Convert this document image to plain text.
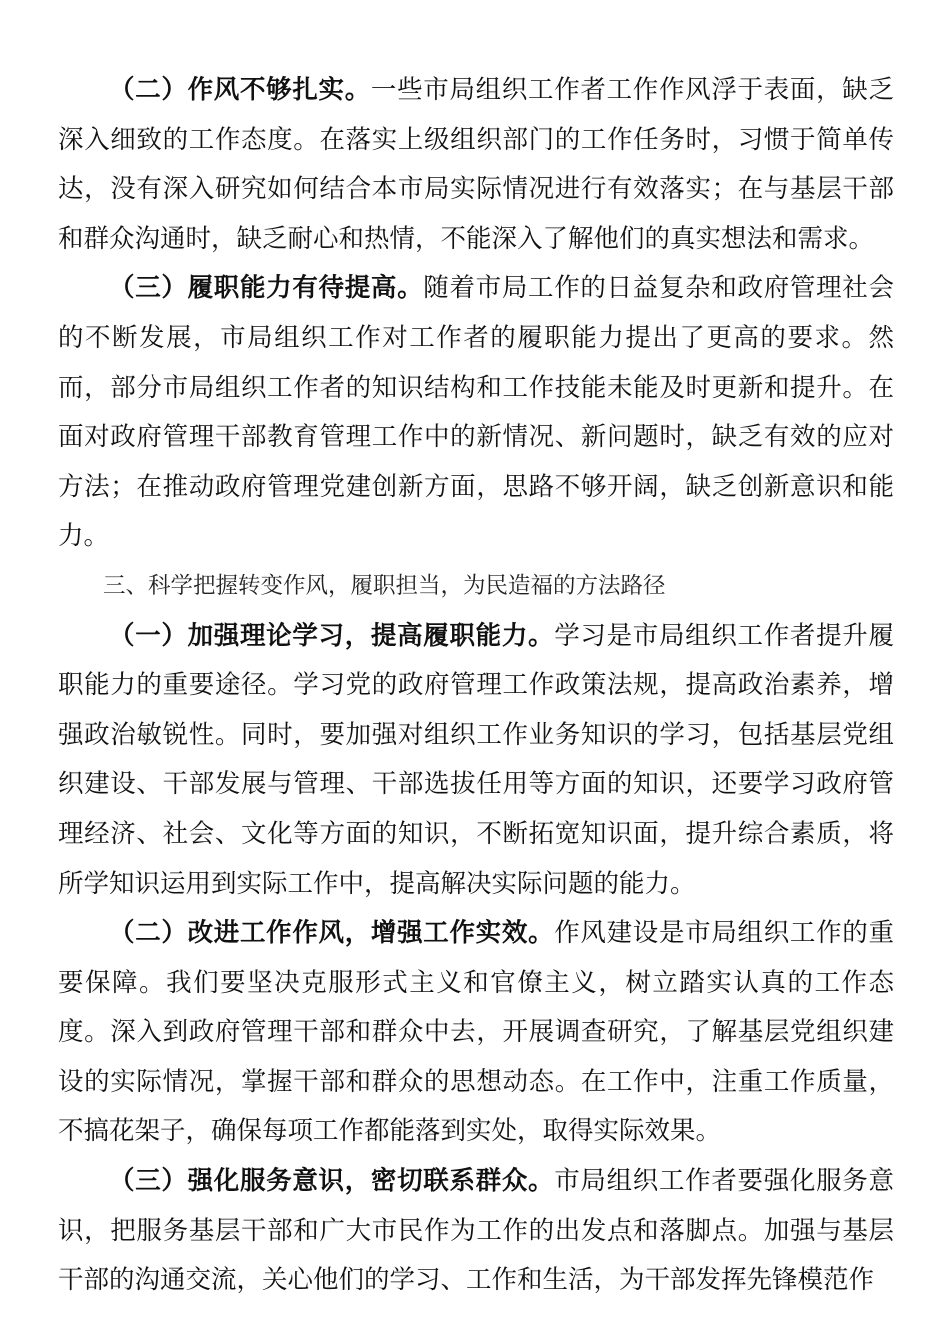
（二）作风不够扎实。一些市局组织工作者工作作风浮于表面，缺乏深入细致的工作态度。在落实上级组织部门的工作任务时，习惯于简单传达，没有深入研究如何结合本市局实际情况进行有效落实；在与基层干部和群众沟通时，缺乏耐心和热情，不能深入了解他们的真实想法和需求。

（三）履职能力有待提高。随着市局工作的日益复杂和政府管理社会的不断发展，市局组织工作对工作者的履职能力提出了更高的要求。然而，部分市局组织工作者的知识结构和工作技能未能及时更新和提升。在面对政府管理干部教育管理工作中的新情况、新问题时，缺乏有效的应对方法；在推动政府管理党建创新方面，思路不够开阔，缺乏创新意识和能力。

三、科学把握转变作风，履职担当，为民造福的方法路径

（一）加强理论学习，提高履职能力。学习是市局组织工作者提升履职能力的重要途径。学习党的政府管理工作政策法规，提高政治素养，增强政治敏锐性。同时，要加强对组织工作业务知识的学习，包括基层党组织建设、干部发展与管理、干部选拔任用等方面的知识，还要学习政府管理经济、社会、文化等方面的知识，不断拓宽知识面，提升综合素质，将所学知识运用到实际工作中，提高解决实际问题的能力。

（二）改进工作作风，增强工作实效。作风建设是市局组织工作的重要保障。我们要坚决克服形式主义和官僚主义，树立踏实认真的工作态度。深入到政府管理干部和群众中去，开展调查研究，了解基层党组织建设的实际情况，掌握干部和群众的思想动态。在工作中，注重工作质量，不搞花架子，确保每项工作都能落到实处，取得实际效果。

（三）强化服务意识，密切联系群众。市局组织工作者要强化服务意识，把服务基层干部和广大市民作为工作的出发点和落脚点。加强与基层干部的沟通交流，关心他们的学习、工作和生活，为干部发挥先锋模范作
